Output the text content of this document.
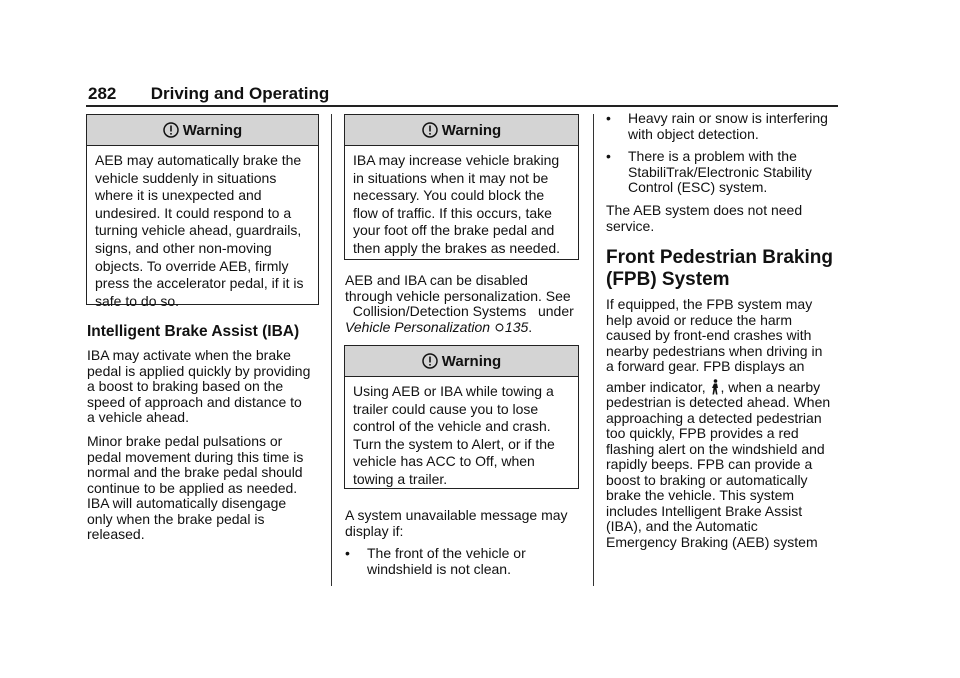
282 Driving and Operating
Warning
AEB may automatically brake the
vehicle suddenly in situations
where it is unexpected and
undesired. It could respond to a
turning vehicle ahead, guardrails,
signs, and other non-moving
objects. To override AEB, firmly
press the accelerator pedal, if it is
safe to do so.
Intelligent Brake Assist (IBA)
IBA may activate when the brake
pedal is applied quickly by providing
a boost to braking based on the
speed of approach and distance to
a vehicle ahead.
Minor brake pedal pulsations or
pedal movement during this time is
normal and the brake pedal should
continue to be applied as needed.
IBA will automatically disengage
only when the brake pedal is
released.
Warning
IBA may increase vehicle braking
in situations when it may not be
necessary. You could block the
flow of traffic. If this occurs, take
your foot off the brake pedal and
then apply the brakes as needed.
AEB and IBA can be disabled
through vehicle personalization. See
Collision/Detection Systems   under
Vehicle Personalization 135.
Warning
Using AEB or IBA while towing a
trailer could cause you to lose
control of the vehicle and crash.
Turn the system to Alert, or if the
vehicle has ACC to Off, when
towing a trailer.
A system unavailable message may
display if:
•	The front of the vehicle or
windshield is not clean.
•	Heavy rain or snow is interfering
with object detection.
•	There is a problem with the
StabiliTrak/Electronic Stability
Control (ESC) system.
The AEB system does not need
service.
Front Pedestrian Braking
(FPB) System
If equipped, the FPB system may
help avoid or reduce the harm
caused by front-end crashes with
nearby pedestrians when driving in
a forward gear. FPB displays an
amber indicator, , when a nearby
pedestrian is detected ahead. When
approaching a detected pedestrian
too quickly, FPB provides a red
flashing alert on the windshield and
rapidly beeps. FPB can provide a
boost to braking or automatically
brake the vehicle. This system
includes Intelligent Brake Assist
(IBA), and the Automatic
Emergency Braking (AEB) system
